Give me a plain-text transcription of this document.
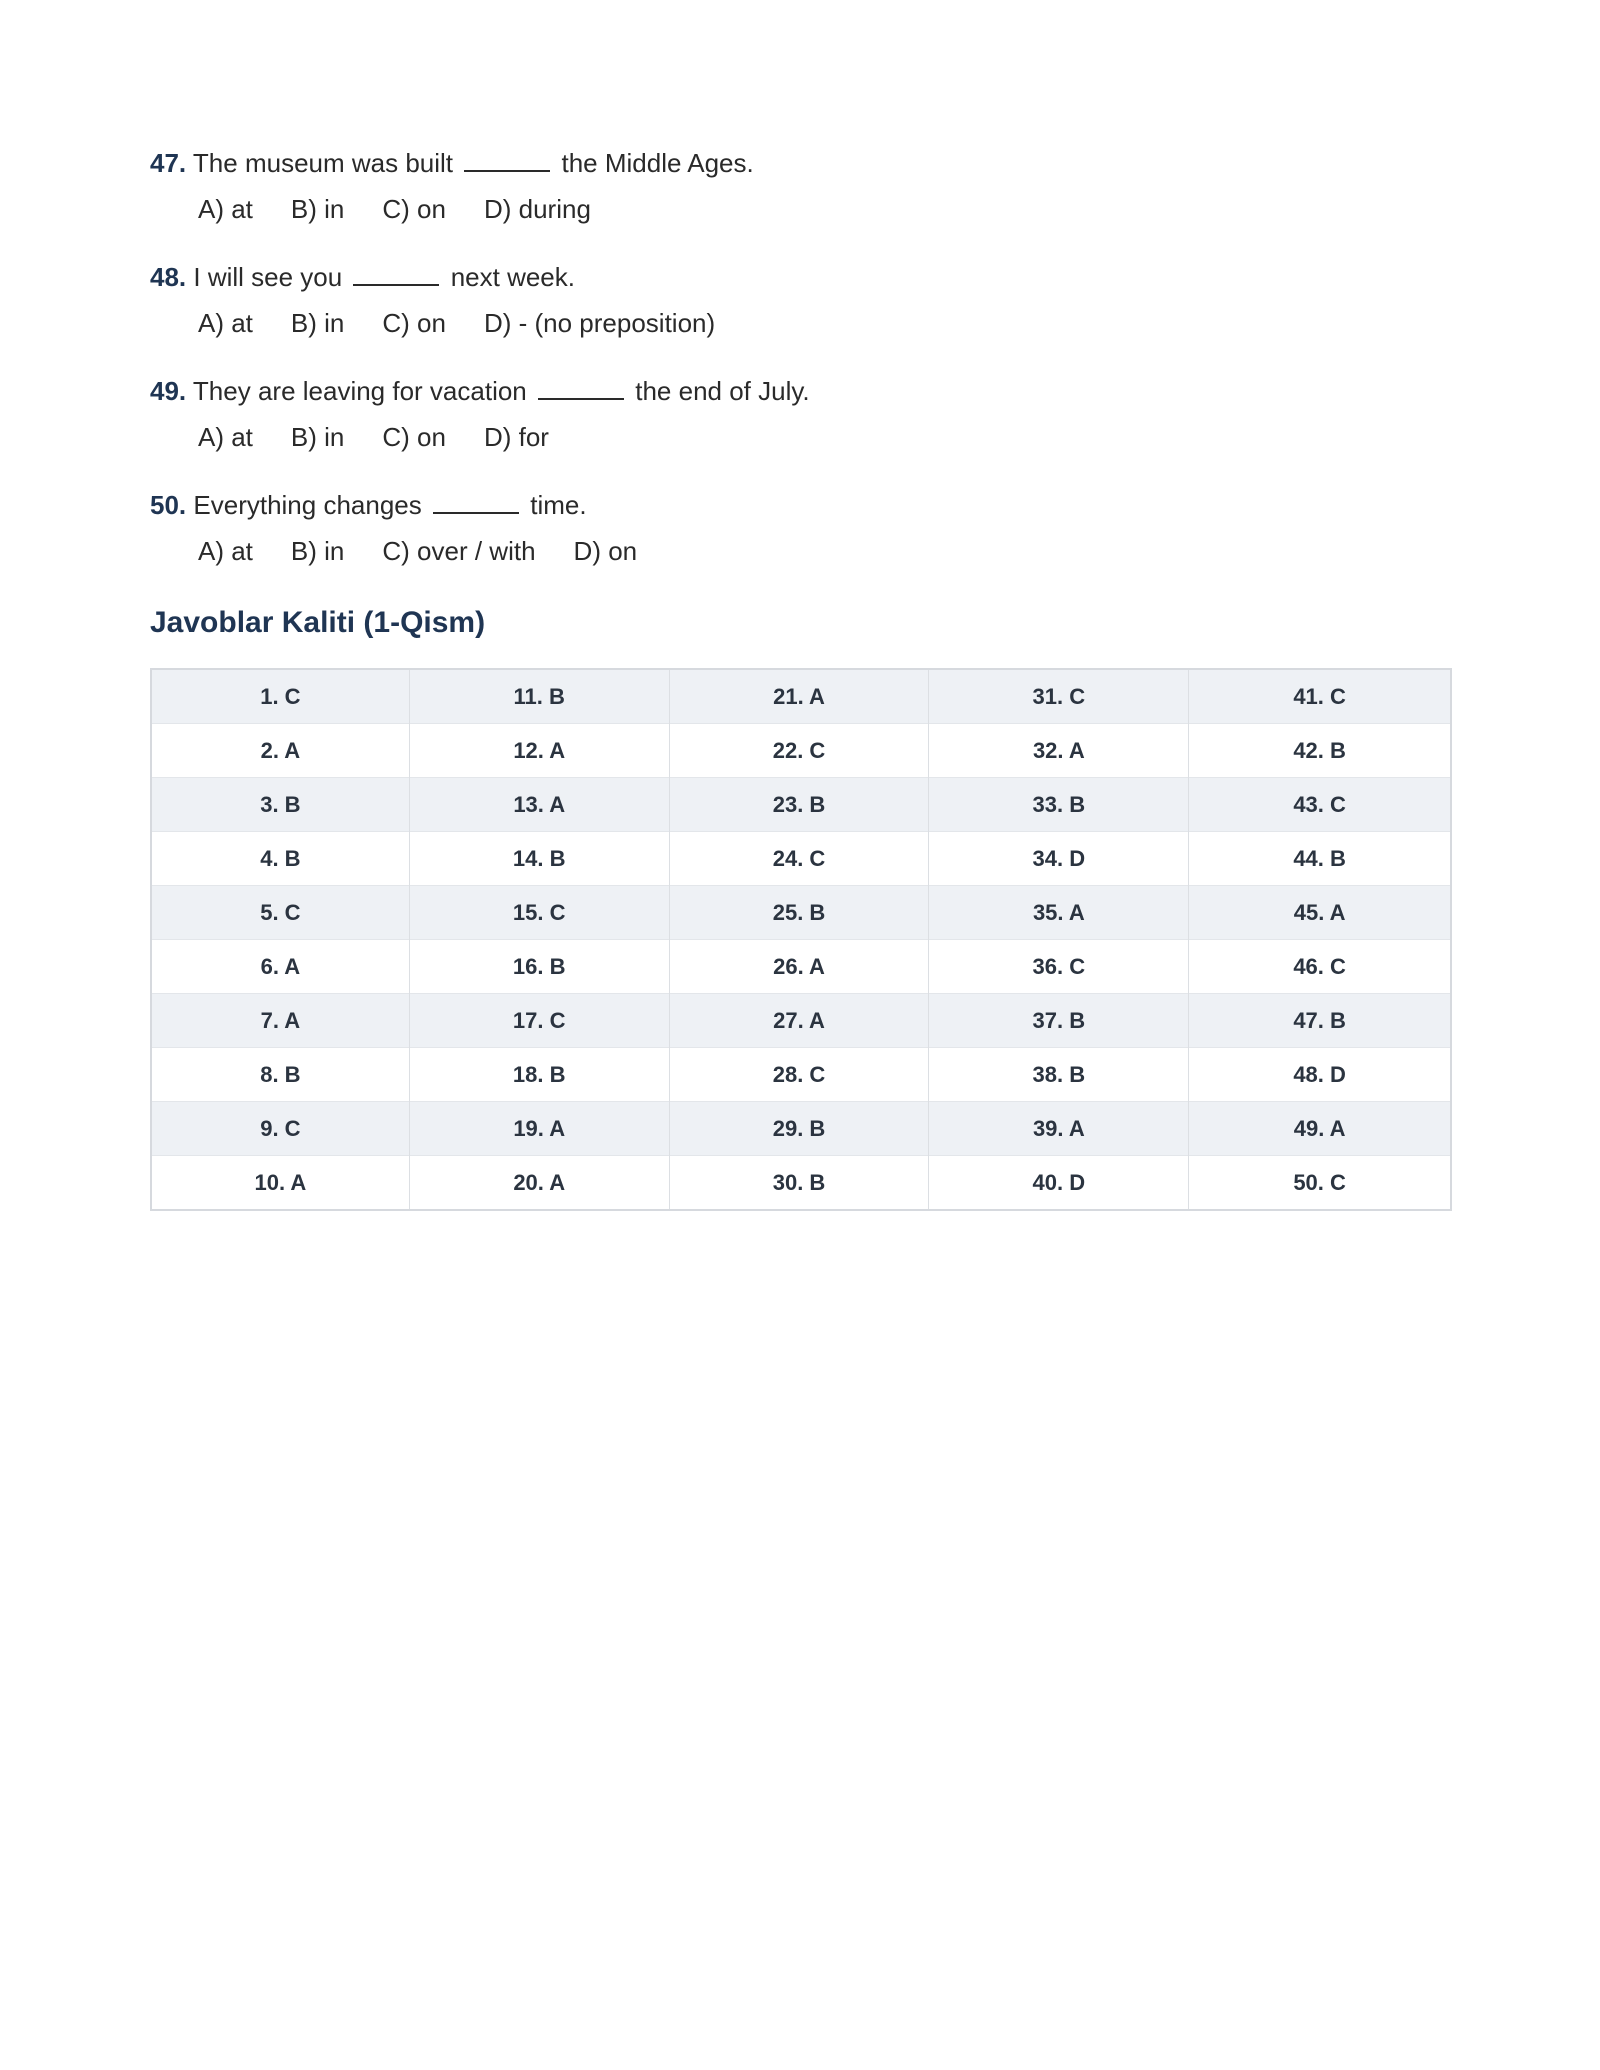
47. The museum was built	the Middle Ages.
A) at B) in C) on D) during
48. I will see you	next week.
A) at B) in C) on D) - (no preposition)
49. They are leaving for vacation	the end of July.
A) at B) in C) on D) for
50. Everything changes	time.
A) at B) in C) over / with D) on
Javoblar Kaliti (1-Qism)
1. C	11. B	21. A	31. C	41. C
2. A	12. A	22. C	32. A	42. B
3. B	13. A	23. B	33. B	43. C
4. B	14. B	24. C	34. D	44. B
5. C	15. C	25. B	35. A	45. A
6. A	16. B	26. A	36. C	46. C
7. A	17. C	27. A	37. B	47. B
8. B	18. B	28. C	38. B	48. D
9. C	19. A	29. B	39. A	49. A
10. A	20. A	30. B	40. D	50. C
